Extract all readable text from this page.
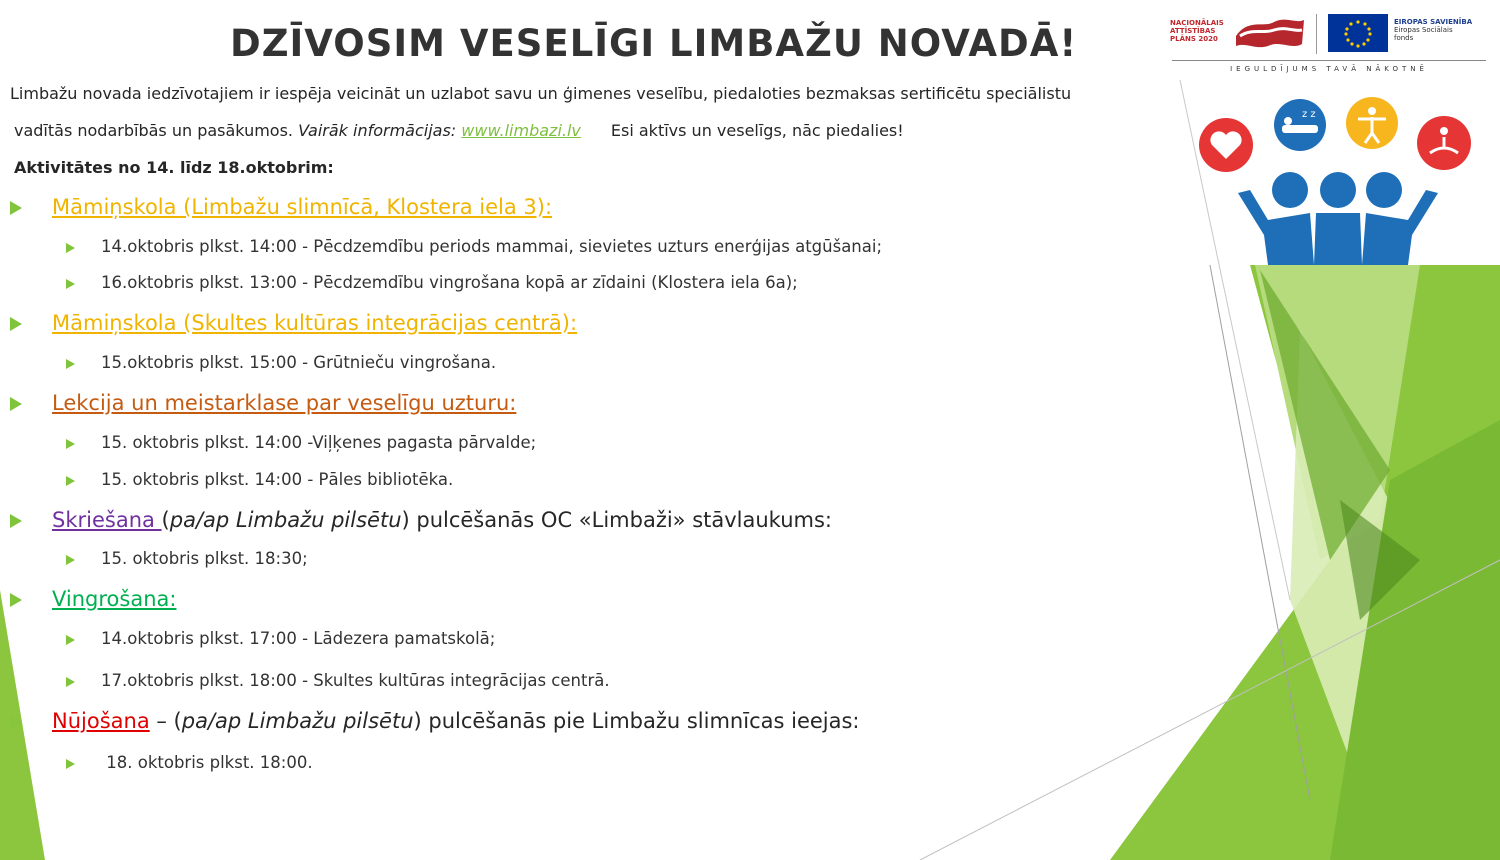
DZĪVOSIM VESELĪGI LIMBAŽU NOVADĀ!	NACIONĀLAIS
ATTĪSTĪBAS
PLĀNS 2020
EIROPAS SAVIENĪBA
Eiropas Sociālais
fonds
IEGULDĪJUMS TAVĀ NĀKOTNĒ
z z
Limbažu novada iedzīvotajiem ir iespēja veicināt un uzlabot savu un ģimenes veselību, piedaloties bezmaksas sertificētu speciālistu
vadītās nodarbībās un pasākumos. Vairāk informācijas: www.limbazi.lv Esi aktīvs un veselīgs, nāc piedalies!
Aktivitātes no 14. līdz 18.oktobrim:
Māmiņskola (Limbažu slimnīcā, Klostera iela 3):
14.oktobris plkst. 14:00 - Pēcdzemdību periods mammai, sievietes uzturs enerģijas atgūšanai;
16.oktobris plkst. 13:00 - Pēcdzemdību vingrošana kopā ar zīdaini (Klostera iela 6a);
Māmiņskola (Skultes kultūras integrācijas centrā):
15.oktobris plkst. 15:00 - Grūtnieču vingrošana.
Lekcija un meistarklase par veselīgu uzturu:
15. oktobris plkst. 14:00 -Viļķenes pagasta pārvalde;
15. oktobris plkst. 14:00 - Pāles bibliotēka.
Skriešana (pa/ap Limbažu pilsētu) pulcēšanās OC «Limbaži» stāvlaukums:
15. oktobris plkst. 18:30;
Vingrošana:
14.oktobris plkst. 17:00 - Lādezera pamatskolā;
17.oktobris plkst. 18:00 - Skultes kultūras integrācijas centrā.
Nūjošana – (pa/ap Limbažu pilsētu) pulcēšanās pie Limbažu slimnīcas ieejas:
18. oktobris plkst. 18:00.
